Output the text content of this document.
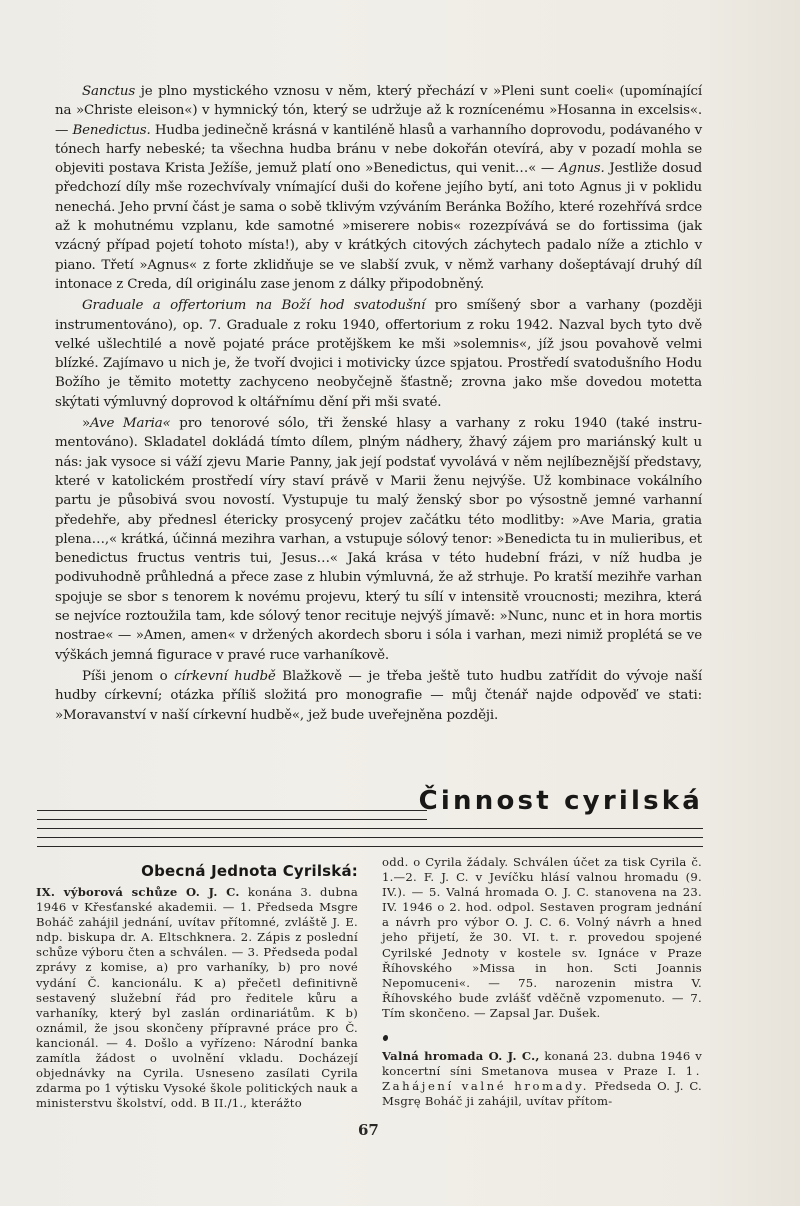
Sanctus je plno mystického vznosu v něm, který přechází v »Pleni sunt coeli« (upomínající na »Christe eleison«) v hymnický tón, který se udržuje až k roznícenému »Hosanna in excelsis«. — Benedictus. Hudba jedinečně krásná v kantiléně hlasů a varhanního doprovodu, podávaného v tónech harfy nebeské; ta všechna hudba bránu v nebe dokořán otevírá, aby v pozadí mohla se objeviti postava Krista Ježíše, jemuž platí ono »Benedictus, qui venit…« — Agnus. Jestliže dosud předchozí díly mše rozechvívaly vnímající duši do kořene jejího bytí, ani toto Agnus ji v poklidu nenechá. Jeho první část je sama o sobě tklivým vzýváním Beránka Božího, které rozehřívá srdce až k mohutnému vzplanu, kde samotné »miserere nobis« rozezpívává se do fortissima (jak vzácný případ pojetí tohoto místa!), aby v krátkých citových záchytech padalo níže a ztichlo v piano. Třetí »Agnus« z forte zklidňuje se ve slabší zvuk, v němž varhany došeptávají druhý díl intonace z Creda, díl originálu zase jenom z dálky připodobněný.

Graduale a offertorium na Boží hod svatodušní pro smíšený sbor a varhany (později instrumentováno), op. 7. Graduale z roku 1940, offertorium z roku 1942. Nazval bych tyto dvě velké ušlechtilé a nově pojaté práce protějškem ke mši »solemnis«, jíž jsou povahově velmi blízké. Zajímavo u nich je, že tvoří dvojici i motivicky úzce spjatou. Prostředí svatodušního Hodu Božího je těmito motetty zachyceno neobyčejně šťastně; zrovna jako mše dovedou motetta skýtati výmluvný doprovod k oltářnímu dění při mši svaté.

»Ave Maria« pro tenorové sólo, tři ženské hlasy a varhany z roku 1940 (také instrumentováno). Skladatel dokládá tímto dílem, plným nádhery, žhavý zájem pro mariánský kult u nás: jak vysoce si váží zjevu Marie Panny, jak její podstať vyvolává v něm nejlíbeznější představy, které v katolickém prostředí víry staví právě v Marii ženu nejvýše. Už kombinace vokálního partu je působivá svou novostí. Vystupuje tu malý ženský sbor po výsostně jemné varhanní předehře, aby přednesl étericky prosycený projev začátku této modlitby: »Ave Maria, gratia plena…,« krátká, účinná mezihra varhan, a vstupuje sólový tenor: »Benedicta tu in mulieribus, et benedictus fructus ventris tui, Jesus…« Jaká krása v této hudební frázi, v níž hudba je podivuhodně průhledná a přece zase z hlubin výmluvná, že až strhuje. Po kratší mezihře varhan spojuje se sbor s tenorem k novému projevu, který tu sílí v intensitě vroucnosti; mezihra, která se nejvíce roztoužila tam, kde sólový tenor recituje nejvýš jímavě: »Nunc, nunc et in hora mortis nostrae« — »Amen, amen« v držených akordech sboru i sóla i varhan, mezi nimiž proplétá se ve výškách jemná figurace v pravé ruce varhaníkově.

Píši jenom o církevní hudbě Blažkově — je třeba ještě tuto hudbu zatřídit do vývoje naší hudby církevní; otázka příliš složitá pro monografie — můj čtenář najde odpověď ve stati: »Moravanství v naší církevní hudbě«, jež bude uveřejněna později.

Činnost cyrilská
Obecná Jednota Cyrilská:

IX. výborová schůze O. J. C. konána 3. dubna 1946 v Křesťanské akademii. — 1. Předseda Msgre Boháč zahájil jednání, uvítav přítomné, zvláště J. E. ndp. biskupa dr. A. Eltschknera. 2. Zápis z poslední schůze výboru čten a schválen. — 3. Předseda podal zprávy z komise, a) pro varhaníky, b) pro nové vydání Č. kancionálu. K a) přečetl definitivně sestavený služební řád pro ředitele kůru a varhaníky, který byl zaslán ordinariátům. K b) oznámil, že jsou skončeny přípravné práce pro Č. kancionál. — 4. Došlo a vyřízeno: Národní banka zamítla žádost o uvolnění vkladu. Docházejí objednávky na Cyrila. Usneseno zasílati Cyrila zdarma po 1 výtisku Vysoké škole politických nauk a ministerstvu školství, odd. B II./1., kterážto

odd. o Cyrila žádaly. Schválen účet za tisk Cyrila č. 1.—2. F. J. C. v Jevíčku hlásí valnou hromadu (9. IV.). — 5. Valná hromada O. J. C. stanovena na 23. IV. 1946 o 2. hod. odpol. Sestaven program jednání a návrh pro výbor O. J. C. 6. Volný návrh a hned jeho přijetí, že 30. VI. t. r. provedou spojené Cyrilské Jednoty v kostele sv. Ignáce v Praze Říhovského »Missa in hon. Scti Joannis Nepomuceni«. — 75. narozenin mistra V. Říhovského bude zvlášť vděčně vzpomenuto. — 7. Tím skončeno. — Zapsal Jar. Dušek.

Valná hromada O. J. C., konaná 23. dubna 1946 v koncertní síni Smetanova musea v Praze I. 1. Zahájení valné hromady. Předseda O. J. C. Msgrę Boháč ji zahájil, uvítav přítom-

67
